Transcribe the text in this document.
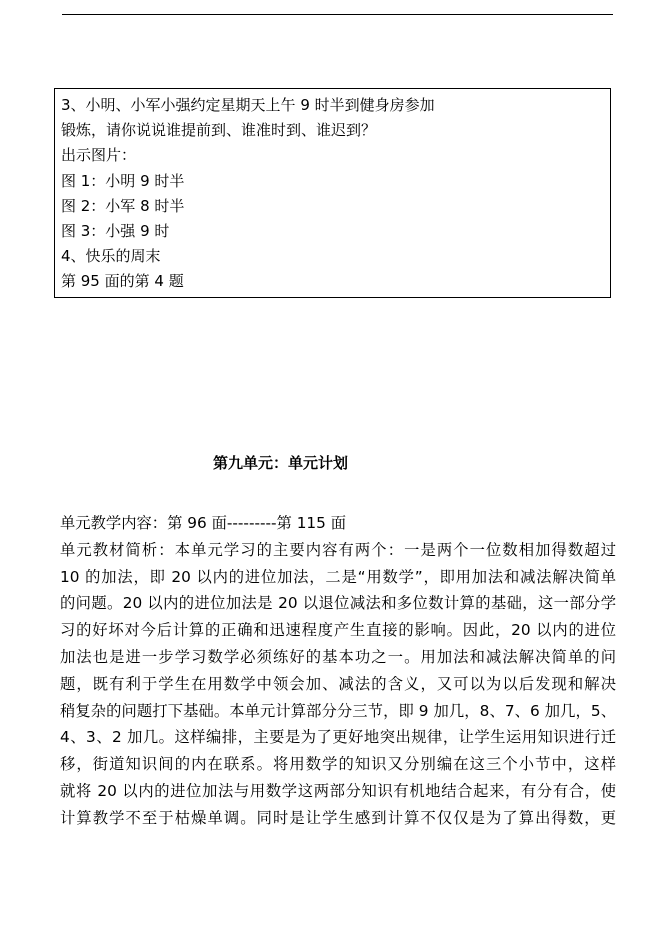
3、小明、小军小强约定星期天上午 9 时半到健身房参加
锻炼，请你说说谁提前到、谁准时到、谁迟到？
出示图片：
图 1：小明 9 时半
图 2：小军 8 时半
图 3：小强 9 时
4、快乐的周末
第 95 面的第 4 题
第九单元：单元计划
单元教学内容：第 96 面---------第 115 面
单元教材简析：本单元学习的主要内容有两个：一是两个一位数相加得数超过
10 的加法，即 20 以内的进位加法，二是“用数学”，即用加法和减法解决简单
的问题。20 以内的进位加法是 20 以退位减法和多位数计算的基础，这一部分学
习的好坏对今后计算的正确和迅速程度产生直接的影响。因此，20 以内的进位
加法也是进一步学习数学必须练好的基本功之一。用加法和减法解决简单的问
题，既有利于学生在用数学中领会加、减法的含义，又可以为以后发现和解决
稍复杂的问题打下基础。本单元计算部分分三节，即 9 加几，8、7、6 加几，5、
4、3、2 加几。这样编排，主要是为了更好地突出规律，让学生运用知识进行迁
移，街道知识间的内在联系。将用数学的知识又分别编在这三个小节中，这样
就将 20 以内的进位加法与用数学这两部分知识有机地结合起来，有分有合，使
计算教学不至于枯燥单调。同时是让学生感到计算不仅仅是为了算出得数，更
